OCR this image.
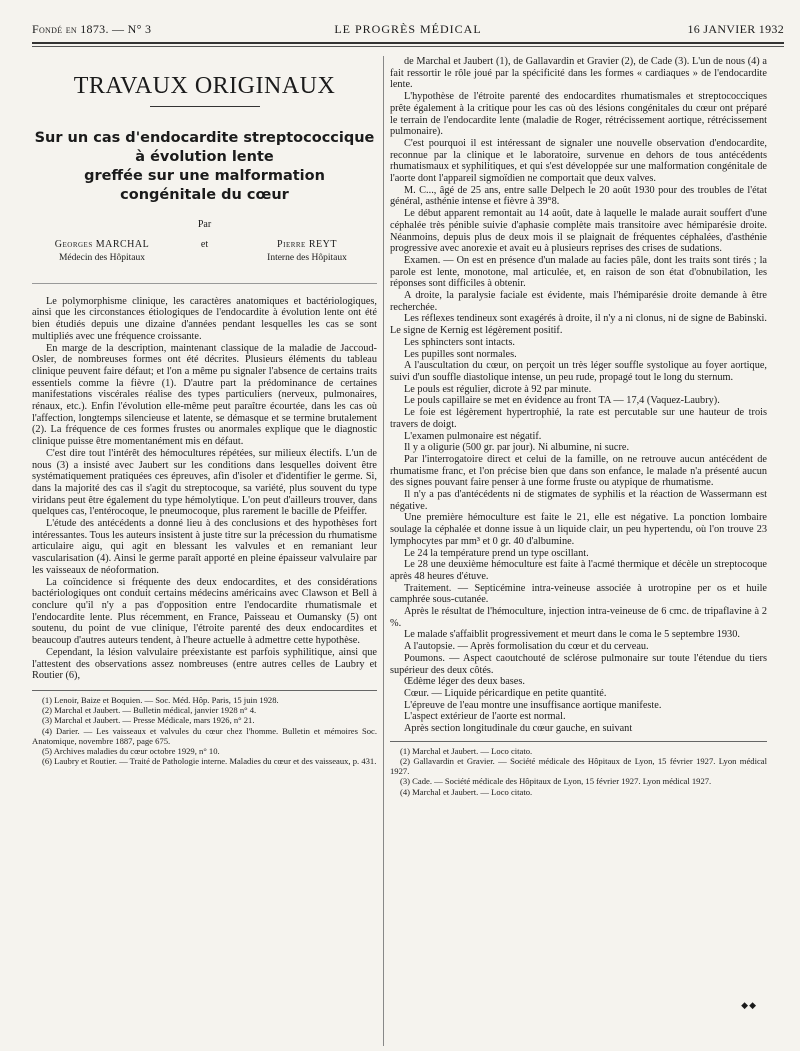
Fondé en 1873. — N° 3	LE PROGRÈS MÉDICAL	16 JANVIER 1932
TRAVAUX ORIGINAUX
Sur un cas d'endocardite streptococcique
à évolution lente
greffée sur une malformation
congénitale du cœur
Par
Georges MARCHAL
Médecin des Hôpitaux
et	Pierre REYT
Interne des Hôpitaux

Le polymorphisme clinique, les caractères anatomiques et bactériologiques, ainsi que les circonstances étiologiques de l'endocardite à évolution lente ont été bien étudiés depuis une dizaine d'années pendant lesquelles les cas se sont multipliés avec une fréquence croissante.

En marge de la description, maintenant classique de la maladie de Jaccoud-Osler, de nombreuses formes ont été décrites. Plusieurs éléments du tableau clinique peuvent faire défaut; et l'on a même pu signaler l'absence de certains traits essentiels comme la fièvre (1). D'autre part la prédominance de certaines manifestations viscérales réalise des types particuliers (nerveux, pulmonaires, rénaux, etc.). Enfin l'évolution elle-même peut paraître écourtée, dans les cas où l'affection, longtemps silencieuse et latente, se démasque et se termine brutalement (2). La fréquence de ces formes frustes ou anormales explique que le diagnostic clinique puisse être momentanément mis en défaut.

C'est dire tout l'intérêt des hémocultures répétées, sur milieux électifs. L'un de nous (3) a insisté avec Jaubert sur les conditions dans lesquelles doivent être systématiquement pratiquées ces épreuves, afin d'isoler et d'identifier le germe. Si, dans la majorité des cas il s'agit du streptocoque, sa variété, plus souvent du type viridans peut être également du type hémolytique. L'on peut d'ailleurs trouver, dans quelques cas, l'entérocoque, le pneumocoque, plus rarement le bacille de Pfeiffer.

L'étude des antécédents a donné lieu à des conclusions et des hypothèses fort intéressantes. Tous les auteurs insistent à juste titre sur la précession du rhumatisme articulaire aigu, qui agit en blessant les valvules et en remaniant leur vascularisation (4). Ainsi le germe paraît apporté en pleine épaisseur valvulaire par les vaisseaux de néoformation.

La coïncidence si fréquente des deux endocardites, et des considérations bactériologiques ont conduit certains médecins américains avec Clawson et Bell à conclure qu'il n'y a pas d'opposition entre l'endocardite rhumatismale et l'endocardite lente. Plus récemment, en France, Paisseau et Oumansky (5) ont soutenu, du point de vue clinique, l'étroite parenté des deux endocardites et beaucoup d'autres auteurs tendent, à l'heure actuelle à admettre cette hypothèse.

Cependant, la lésion valvulaire préexistante est parfois syphilitique, ainsi que l'attestent des observations assez nombreuses (entre autres celles de Laubry et Routier (6),

(1) Lenoir, Baize et Boquien. — Soc. Méd. Hôp. Paris, 15 juin 1928.

(2) Marchal et Jaubert. — Bulletin médical, janvier 1928 n° 4.

(3) Marchal et Jaubert. — Presse Médicale, mars 1926, n° 21.

(4) Darier. — Les vaisseaux et valvules du cœur chez l'homme. Bulletin et mémoires Soc. Anatomique, novembre 1887, page 675.

(5) Archives maladies du cœur octobre 1929, n° 10.

(6) Laubry et Routier. — Traité de Pathologie interne. Maladies du cœur et des vaisseaux, p. 431.

de Marchal et Jaubert (1), de Gallavardin et Gravier (2), de Cade (3). L'un de nous (4) a fait ressortir le rôle joué par la spécificité dans les formes « cardiaques » de l'endocardite lente.

L'hypothèse de l'étroite parenté des endocardites rhumatismales et streptococciques prête également à la critique pour les cas où des lésions congénitales du cœur ont préparé le terrain de l'endocardite lente (maladie de Roger, rétrécissement aortique, rétrécissement pulmonaire).

C'est pourquoi il est intéressant de signaler une nouvelle observation d'endocardite, reconnue par la clinique et le laboratoire, survenue en dehors de tous antécédents rhumatismaux et syphilitiques, et qui s'est développée sur une malformation congénitale de l'aorte dont l'appareil sigmoïdien ne comportait que deux valves.

M. C..., âgé de 25 ans, entre salle Delpech le 20 août 1930 pour des troubles de l'état général, asthénie intense et fièvre à 39°8.

Le début apparent remontait au 14 août, date à laquelle le malade aurait souffert d'une céphalée très pénible suivie d'aphasie complète mais transitoire avec hémiparésie droite. Néanmoins, depuis plus de deux mois il se plaignait de fréquentes céphalées, d'asthénie progressive avec anorexie et avait eu à plusieurs reprises des crises de sudations.

Examen. — On est en présence d'un malade au facies pâle, dont les traits sont tirés ; la parole est lente, monotone, mal articulée, et, en raison de son état d'obnubilation, les réponses sont difficiles à obtenir.

A droite, la paralysie faciale est évidente, mais l'hémiparésie droite demande à être recherchée.

Les réflexes tendineux sont exagérés à droite, il n'y a ni clonus, ni de signe de Babinski. Le signe de Kernig est légèrement positif.

Les sphincters sont intacts.

Les pupilles sont normales.

A l'auscultation du cœur, on perçoit un très léger souffle systolique au foyer aortique, suivi d'un souffle diastolique intense, un peu rude, propagé tout le long du sternum.

Le pouls est régulier, dicrote à 92 par minute.

Le pouls capillaire se met en évidence au front TA — 17,4 (Vaquez-Laubry).

Le foie est légèrement hypertrophié, la rate est percutable sur une hauteur de trois travers de doigt.

L'examen pulmonaire est négatif.

Il y a oligurie (500 gr. par jour). Ni albumine, ni sucre.

Par l'interrogatoire direct et celui de la famille, on ne retrouve aucun antécédent de rhumatisme franc, et l'on précise bien que dans son enfance, le malade n'a présenté aucun des signes pouvant faire penser à une forme fruste ou atypique de rhumatisme.

Il n'y a pas d'antécédents ni de stigmates de syphilis et la réaction de Wassermann est négative.

Une première hémoculture est faite le 21, elle est négative. La ponction lombaire soulage la céphalée et donne issue à un liquide clair, un peu hypertendu, où l'on trouve 23 lymphocytes par mm³ et 0 gr. 40 d'albumine.

Le 24 la température prend un type oscillant.

Le 28 une deuxième hémoculture est faite à l'acmé thermique et décèle un streptocoque après 48 heures d'étuve.

Traitement. — Septicémine intra-veineuse associée à urotropine per os et huile camphrée sous-cutanée.

Après le résultat de l'hémoculture, injection intra-veineuse de 6 cmc. de tripaflavine à 2 %.

Le malade s'affaiblit progressivement et meurt dans le coma le 5 septembre 1930.

A l'autopsie. — Après formolisation du cœur et du cerveau.

Poumons. — Aspect caoutchouté de sclérose pulmonaire sur toute l'étendue du tiers supérieur des deux côtés.

Œdème léger des deux bases.

Cœur. — Liquide péricardique en petite quantité.

L'épreuve de l'eau montre une insuffisance aortique manifeste.

L'aspect extérieur de l'aorte est normal.

Après section longitudinale du cœur gauche, en suivant

(1) Marchal et Jaubert. — Loco citato.

(2) Gallavardin et Gravier. — Société médicale des Hôpitaux de Lyon, 15 février 1927. Lyon médical 1927.

(3) Cade. — Société médicale des Hôpitaux de Lyon, 15 février 1927. Lyon médical 1927.

(4) Marchal et Jaubert. — Loco citato.

◆◆
